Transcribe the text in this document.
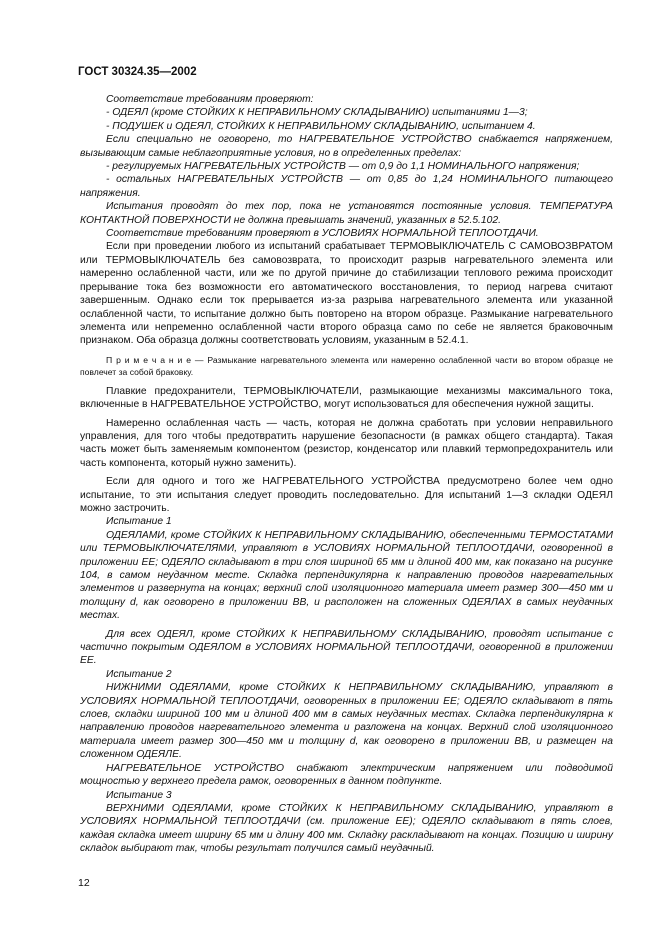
ГОСТ 30324.35—2002

Соответствие требованиям проверяют:

- ОДЕЯЛ (кроме СТОЙКИХ К НЕПРАВИЛЬНОМУ СКЛАДЫВАНИЮ) испытаниями 1—3;

- ПОДУШЕК и ОДЕЯЛ, СТОЙКИХ К НЕПРАВИЛЬНОМУ СКЛАДЫВАНИЮ, испытанием 4.

Если специально не оговорено, то НАГРЕВАТЕЛЬНОЕ УСТРОЙСТВО снабжается напряжением, вызывающим самые неблагоприятные условия, но в определенных пределах:

- регулируемых НАГРЕВАТЕЛЬНЫХ УСТРОЙСТВ — от 0,9 до 1,1 НОМИНАЛЬНОГО напряжения;

- остальных НАГРЕВАТЕЛЬНЫХ УСТРОЙСТВ — от 0,85 до 1,24 НОМИНАЛЬНОГО питающего напряжения.

Испытания проводят до тех пор, пока не установятся постоянные условия. ТЕМПЕРАТУРА КОНТАКТНОЙ ПОВЕРХНОСТИ не должна превышать значений, указанных в 52.5.102.

Соответствие требованиям проверяют в УСЛОВИЯХ НОРМАЛЬНОЙ ТЕПЛООТДАЧИ.

Если при проведении любого из испытаний срабатывает ТЕРМОВЫКЛЮЧАТЕЛЬ С САМОВОЗВРАТОМ или ТЕРМОВЫКЛЮЧАТЕЛЬ без самовозврата, то происходит разрыв нагревательного элемента или намеренно ослабленной части, или же по другой причине до стабилизации теплового режима происходит прерывание тока без возможности его автоматического восстановления, то период нагрева считают завершенным. Однако если ток прерывается из-за разрыва нагревательного элемента или указанной ослабленной части, то испытание должно быть повторено на втором образце. Размыкание нагревательного элемента или непременно ослабленной части второго образца само по себе не является браковочным признаком. Оба образца должны соответствовать условиям, указанным в 52.4.1.

П р и м е ч а н и е — Размыкание нагревательного элемента или намеренно ослабленной части во втором образце не повлечет за собой браковку.

Плавкие предохранители, ТЕРМОВЫКЛЮЧАТЕЛИ, размыкающие механизмы максимального тока, включенные в НАГРЕВАТЕЛЬНОЕ УСТРОЙСТВО, могут использоваться для обеспечения нужной защиты.

Намеренно ослабленная часть — часть, которая не должна сработать при условии неправильного управления, для того чтобы предотвратить нарушение безопасности (в рамках общего стандарта). Такая часть может быть заменяемым компонентом (резистор, конденсатор или плавкий термопредохранитель или часть компонента, который нужно заменить).

Если для одного и того же НАГРЕВАТЕЛЬНОГО УСТРОЙСТВА предусмотрено более чем одно испытание, то эти испытания следует проводить последовательно. Для испытаний 1—3 складки ОДЕЯЛ можно застрочить.

Испытание 1

ОДЕЯЛАМИ, кроме СТОЙКИХ К НЕПРАВИЛЬНОМУ СКЛАДЫВАНИЮ, обеспеченными ТЕРМОСТАТАМИ или ТЕРМОВЫКЛЮЧАТЕЛЯМИ, управляют в УСЛОВИЯХ НОРМАЛЬНОЙ ТЕПЛООТДАЧИ, оговоренной в приложении ЕЕ; ОДЕЯЛО складывают в три слоя шириной 65 мм и длиной 400 мм, как показано на рисунке 104, в самом неудачном месте. Складка перпендикулярна к направлению проводов нагревательных элементов и развернута на концах; верхний слой изоляционного материала имеет размер 300—450 мм и толщину d, как оговорено в приложении ВВ, и расположен на сложенных ОДЕЯЛАХ в самых неудачных местах.

Для всех ОДЕЯЛ, кроме СТОЙКИХ К НЕПРАВИЛЬНОМУ СКЛАДЫВАНИЮ, проводят испытание с частично покрытым ОДЕЯЛОМ в УСЛОВИЯХ НОРМАЛЬНОЙ ТЕПЛООТДАЧИ, оговоренной в приложении ЕЕ.

Испытание 2

НИЖНИМИ ОДЕЯЛАМИ, кроме СТОЙКИХ К НЕПРАВИЛЬНОМУ СКЛАДЫВАНИЮ, управляют в УСЛОВИЯХ НОРМАЛЬНОЙ ТЕПЛООТДАЧИ, оговоренных в приложении ЕЕ; ОДЕЯЛО складывают в пять слоев, складки шириной 100 мм и длиной 400 мм в самых неудачных местах. Складка перпендикулярна к направлению проводов нагревательного элемента и разложена на концах. Верхний слой изоляционного материала имеет размер 300—450 мм и толщину d, как оговорено в приложении ВВ, и размещен на сложенном ОДЕЯЛЕ.

НАГРЕВАТЕЛЬНОЕ УСТРОЙСТВО снабжают электрическим напряжением или подводимой мощностью у верхнего предела рамок, оговоренных в данном подпункте.

Испытание 3

ВЕРХНИМИ ОДЕЯЛАМИ, кроме СТОЙКИХ К НЕПРАВИЛЬНОМУ СКЛАДЫВАНИЮ, управляют в УСЛОВИЯХ НОРМАЛЬНОЙ ТЕПЛООТДАЧИ (см. приложение ЕЕ); ОДЕЯЛО складывают в пять слоев, каждая складка имеет ширину 65 мм и длину 400 мм. Складку раскладывают на концах. Позицию и ширину складок выбирают так, чтобы результат получился самый неудачный.

12
